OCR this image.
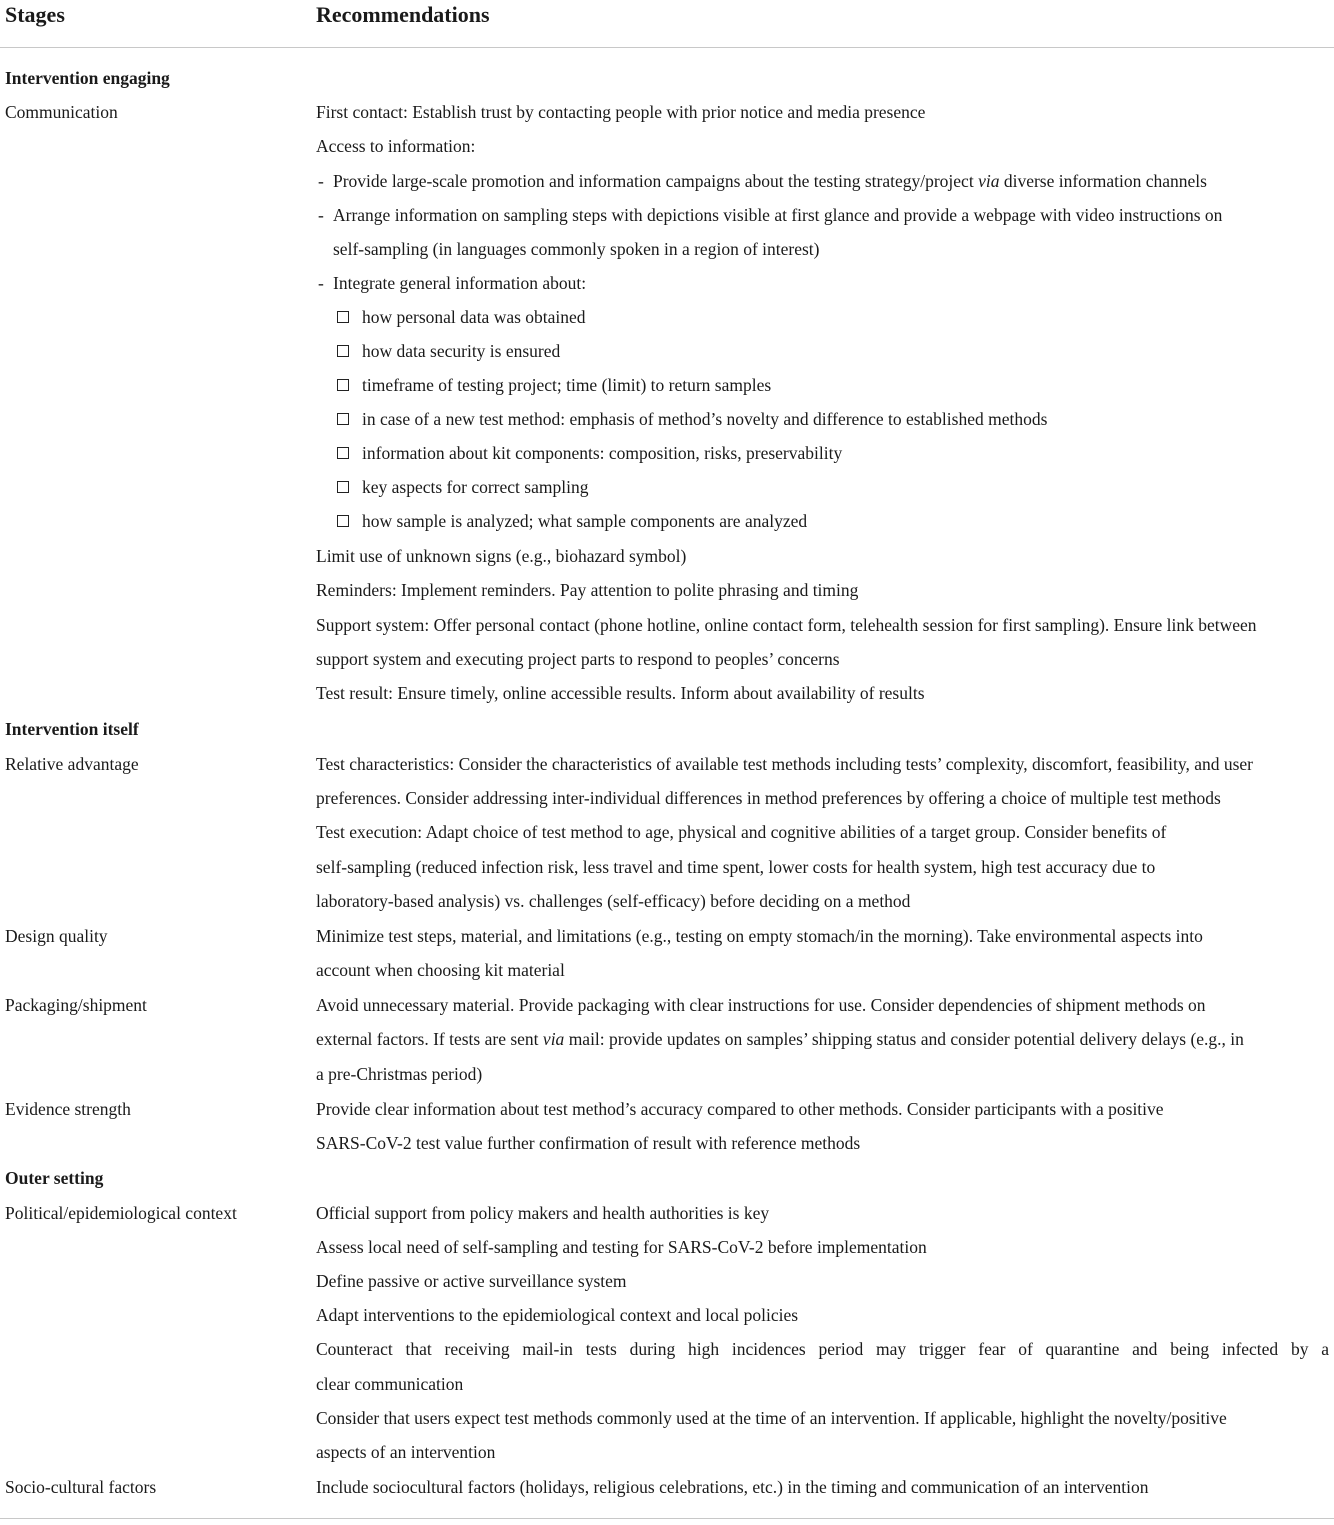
Stages	Recommendations
Intervention engaging
Communication	First contact: Establish trust by contacting people with prior notice and media presence
Access to information:
- Provide large-scale promotion and information campaigns about the testing strategy/project via diverse information channels
- Arrange information on sampling steps with depictions visible at first glance and provide a webpage with video instructions on
self-sampling (in languages commonly spoken in a region of interest)
- Integrate general information about:
how personal data was obtained
how data security is ensured
timeframe of testing project; time (limit) to return samples
in case of a new test method: emphasis of method’s novelty and difference to established methods
information about kit components: composition, risks, preservability
key aspects for correct sampling
how sample is analyzed; what sample components are analyzed
Limit use of unknown signs (e.g., biohazard symbol)
Reminders: Implement reminders. Pay attention to polite phrasing and timing
Support system: Offer personal contact (phone hotline, online contact form, telehealth session for first sampling). Ensure link between
support system and executing project parts to respond to peoples’ concerns
Test result: Ensure timely, online accessible results. Inform about availability of results
Intervention itself
Relative advantage	Test characteristics: Consider the characteristics of available test methods including tests’ complexity, discomfort, feasibility, and user
preferences. Consider addressing inter-individual differences in method preferences by offering a choice of multiple test methods
Test execution: Adapt choice of test method to age, physical and cognitive abilities of a target group. Consider benefits of
self-sampling (reduced infection risk, less travel and time spent, lower costs for health system, high test accuracy due to
laboratory-based analysis) vs. challenges (self-efficacy) before deciding on a method
Design quality	Minimize test steps, material, and limitations (e.g., testing on empty stomach/in the morning). Take environmental aspects into
account when choosing kit material
Packaging/shipment	Avoid unnecessary material. Provide packaging with clear instructions for use. Consider dependencies of shipment methods on
external factors. If tests are sent via mail: provide updates on samples’ shipping status and consider potential delivery delays (e.g., in
a pre-Christmas period)
Evidence strength	Provide clear information about test method’s accuracy compared to other methods. Consider participants with a positive
SARS-CoV-2 test value further confirmation of result with reference methods
Outer setting
Political/epidemiological context	Official support from policy makers and health authorities is key
Assess local need of self-sampling and testing for SARS-CoV-2 before implementation
Define passive or active surveillance system
Adapt interventions to the epidemiological context and local policies
Counteract that receiving mail-in tests during high incidences period may trigger fear of quarantine and being infected by a
clear communication
Consider that users expect test methods commonly used at the time of an intervention. If applicable, highlight the novelty/positive
aspects of an intervention
Socio-cultural factors	Include sociocultural factors (holidays, religious celebrations, etc.) in the timing and communication of an intervention
